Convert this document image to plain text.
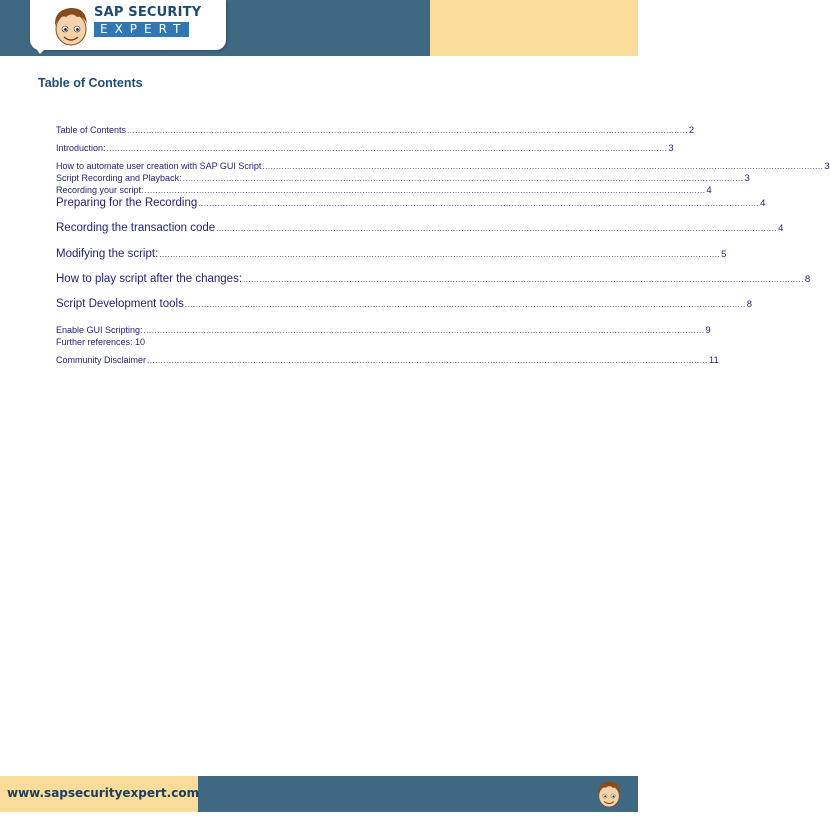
SAP SECURITY
EXPERT
Table of Contents
Table of Contents .............................................................................................................................................................................................................. 2
Introduction: .............................................................................................................................................................................................................. 3
How to automate user creation with SAP GUI Script .............................................................................................................................................................................................................. 3
Script Recording and Playback: .............................................................................................................................................................................................................. 3
Recording your script: .............................................................................................................................................................................................................. 4
Preparing for the Recording .............................................................................................................................................................................................................. 4
Recording the transaction code .............................................................................................................................................................................................................. 4
Modifying the script: .............................................................................................................................................................................................................. 5
How to play script after the changes: .............................................................................................................................................................................................................. 8
Script Development tools .............................................................................................................................................................................................................. 8
Enable GUI Scripting: .............................................................................................................................................................................................................. 9
Further references: 10
Community Disclaimer .............................................................................................................................................................................................................. 11
www.sapsecurityexpert.com
